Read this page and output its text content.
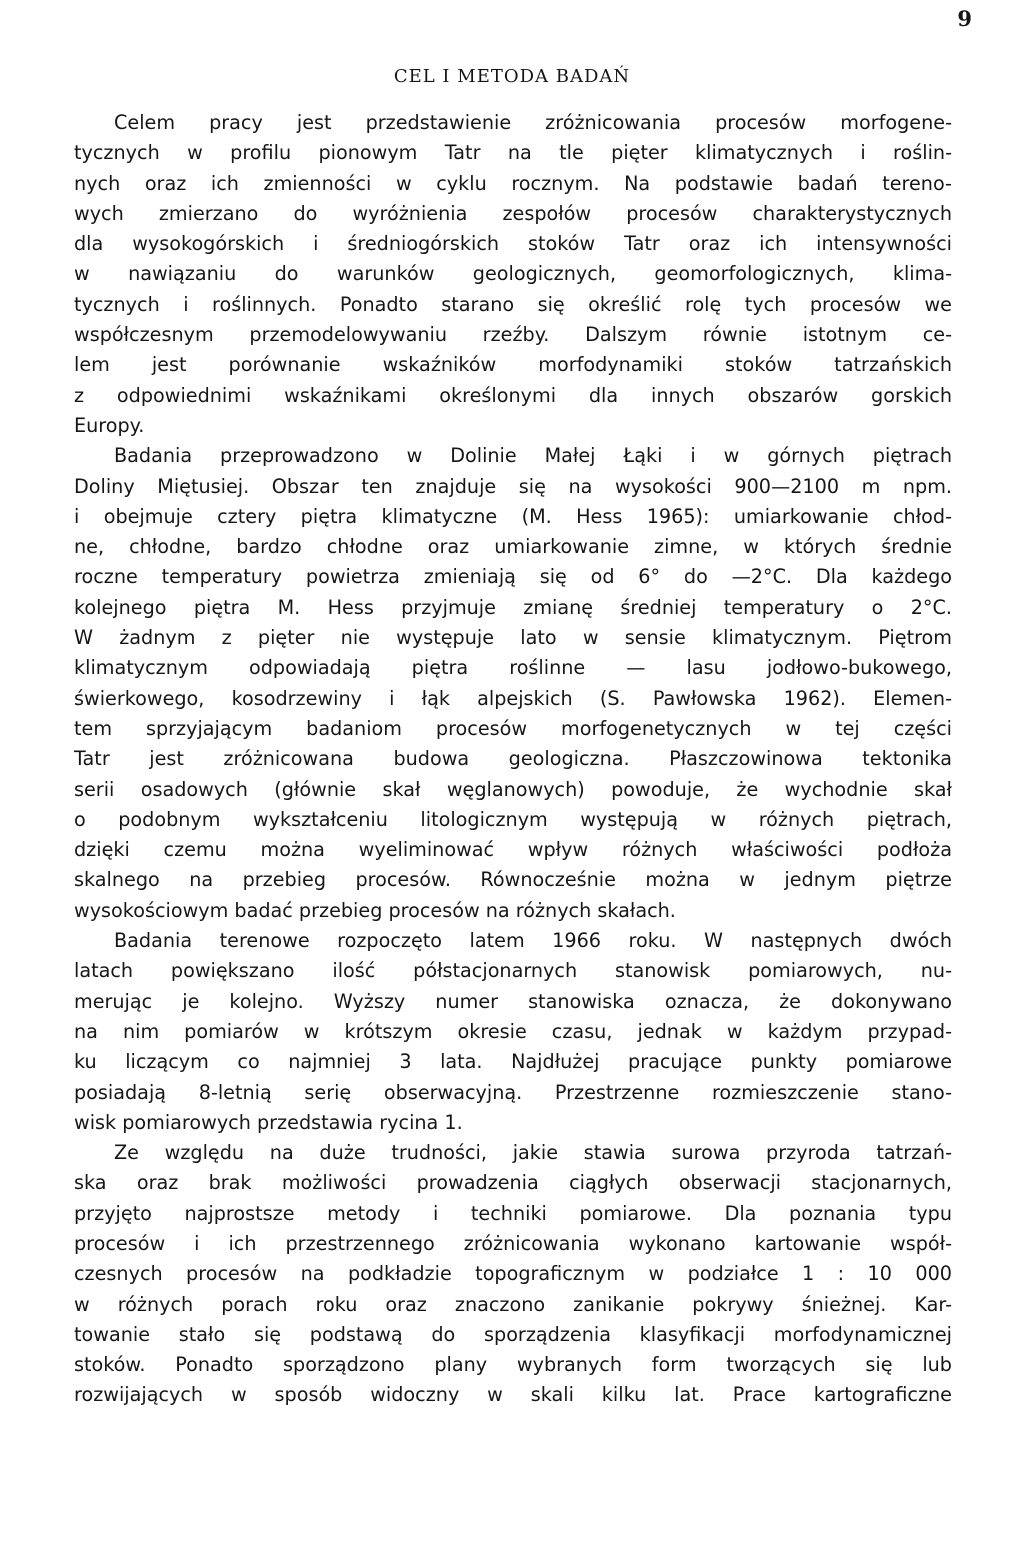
9
CEL I METODA BADAŃ
Celem pracy jest przedstawienie zróżnicowania procesów morfogene-
tycznych w profilu pionowym Tatr na tle pięter klimatycznych i roślin-
nych oraz ich zmienności w cyklu rocznym. Na podstawie badań tereno-
wych zmierzano do wyróżnienia zespołów procesów charakterystycznych
dla wysokogórskich i średniogórskich stoków Tatr oraz ich intensywności
w nawiązaniu do warunków geologicznych, geomorfologicznych, klima-
tycznych i roślinnych. Ponadto starano się określić rolę tych procesów we
współczesnym przemodelowywaniu rzeźby. Dalszym równie istotnym ce-
lem jest porównanie wskaźników morfodynamiki stoków tatrzańskich
z odpowiednimi wskaźnikami określonymi dla innych obszarów gorskich
Europy.
Badania przeprowadzono w Dolinie Małej Łąki i w górnych piętrach
Doliny Miętusiej. Obszar ten znajduje się na wysokości 900—2100 m npm.
i obejmuje cztery piętra klimatyczne (M. Hess 1965): umiarkowanie chłod-
ne, chłodne, bardzo chłodne oraz umiarkowanie zimne, w których średnie
roczne temperatury powietrza zmieniają się od 6° do —2°C. Dla każdego
kolejnego piętra M. Hess przyjmuje zmianę średniej temperatury o 2°C.
W żadnym z pięter nie występuje lato w sensie klimatycznym. Piętrom
klimatycznym odpowiadają piętra roślinne — lasu jodłowo-bukowego,
świerkowego, kosodrzewiny i łąk alpejskich (S. Pawłowska 1962). Elemen-
tem sprzyjającym badaniom procesów morfogenetycznych w tej części
Tatr jest zróżnicowana budowa geologiczna. Płaszczowinowa tektonika
serii osadowych (głównie skał węglanowych) powoduje, że wychodnie skał
o podobnym wykształceniu litologicznym występują w różnych piętrach,
dzięki czemu można wyeliminować wpływ różnych właściwości podłoża
skalnego na przebieg procesów. Równocześnie można w jednym piętrze
wysokościowym badać przebieg procesów na różnych skałach.
Badania terenowe rozpoczęto latem 1966 roku. W następnych dwóch
latach powiększano ilość półstacjonarnych stanowisk pomiarowych, nu-
merując je kolejno. Wyższy numer stanowiska oznacza, że dokonywano
na nim pomiarów w krótszym okresie czasu, jednak w każdym przypad-
ku liczącym co najmniej 3 lata. Najdłużej pracujące punkty pomiarowe
posiadają 8-letnią serię obserwacyjną. Przestrzenne rozmieszczenie stano-
wisk pomiarowych przedstawia rycina 1.
Ze względu na duże trudności, jakie stawia surowa przyroda tatrzań-
ska oraz brak możliwości prowadzenia ciągłych obserwacji stacjonarnych,
przyjęto najprostsze metody i techniki pomiarowe. Dla poznania typu
procesów i ich przestrzennego zróżnicowania wykonano kartowanie współ-
czesnych procesów na podkładzie topograficznym w podziałce 1 : 10 000
w różnych porach roku oraz znaczono zanikanie pokrywy śnieżnej. Kar-
towanie stało się podstawą do sporządzenia klasyfikacji morfodynamicznej
stoków. Ponadto sporządzono plany wybranych form tworzących się lub
rozwijających w sposób widoczny w skali kilku lat. Prace kartograficzne
